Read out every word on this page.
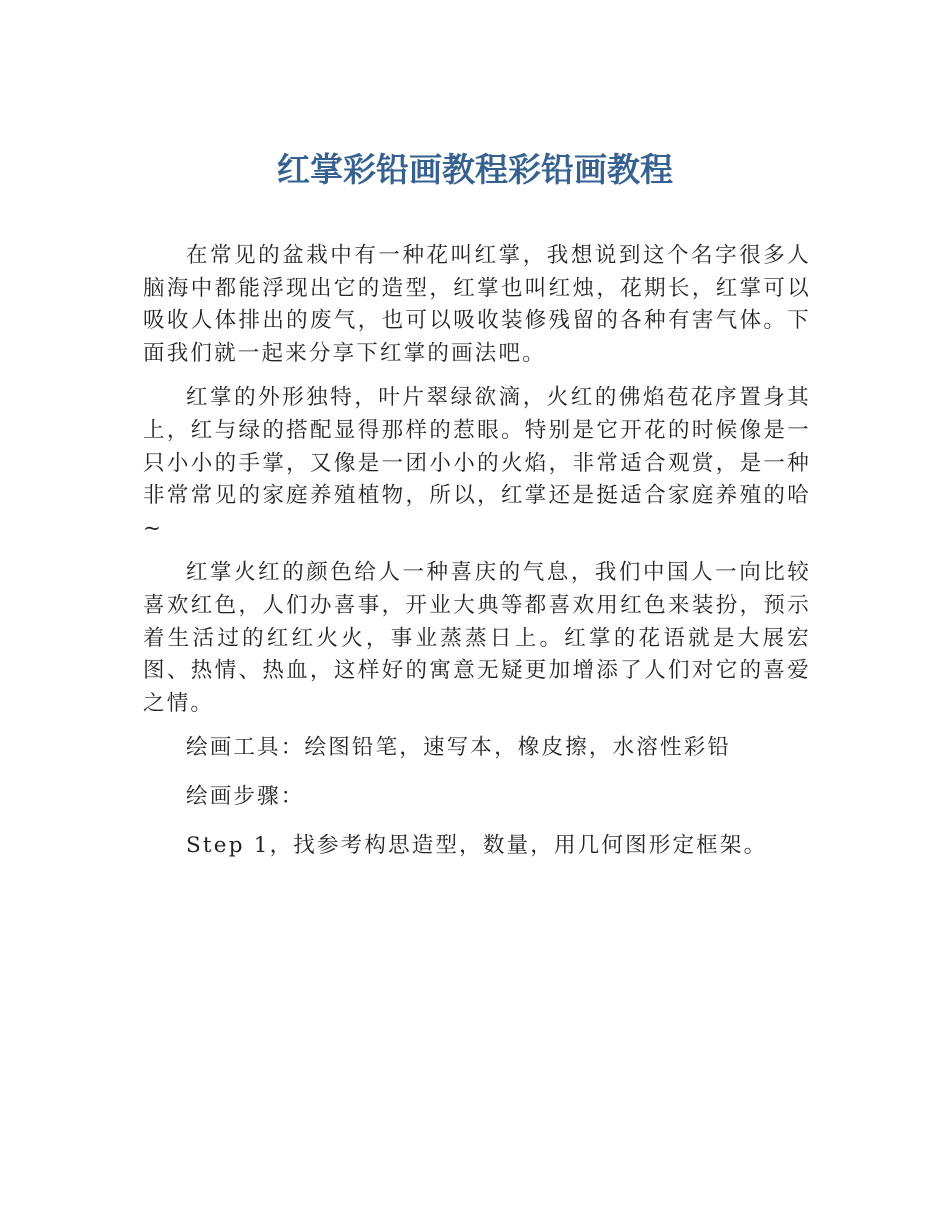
红掌彩铅画教程彩铅画教程

在常见的盆栽中有一种花叫红掌，我想说到这个名字很多人脑海中都能浮现出它的造型，红掌也叫红烛，花期长，红掌可以吸收人体排出的废气，也可以吸收装修残留的各种有害气体。下面我们就一起来分享下红掌的画法吧。

红掌的外形独特，叶片翠绿欲滴，火红的佛焰苞花序置身其上，红与绿的搭配显得那样的惹眼。特别是它开花的时候像是一只小小的手掌，又像是一团小小的火焰，非常适合观赏，是一种非常常见的家庭养殖植物，所以，红掌还是挺适合家庭养殖的哈~

红掌火红的颜色给人一种喜庆的气息，我们中国人一向比较喜欢红色，人们办喜事，开业大典等都喜欢用红色来装扮，预示着生活过的红红火火，事业蒸蒸日上。红掌的花语就是大展宏图、热情、热血，这样好的寓意无疑更加增添了人们对它的喜爱之情。

绘画工具：绘图铅笔，速写本，橡皮擦，水溶性彩铅

绘画步骤：

Step 1，找参考构思造型，数量，用几何图形定框架。
